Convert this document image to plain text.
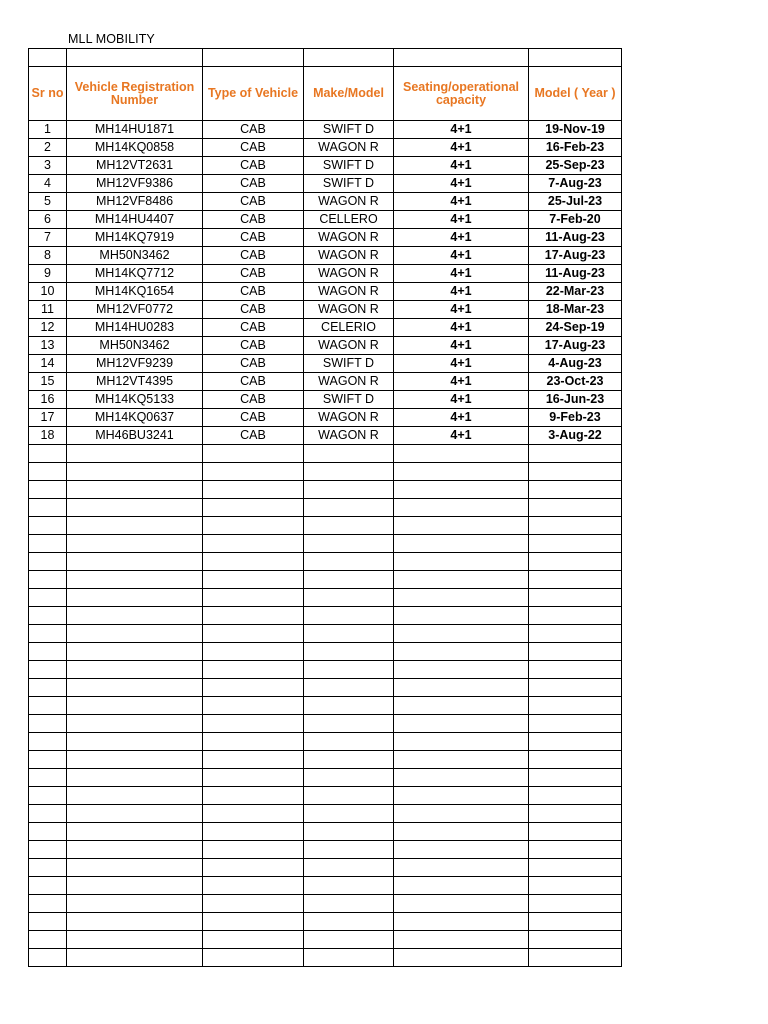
MLL MOBILITY

Sr no	Vehicle Registration Number	Type of Vehicle	Make/Model	Seating/operational capacity	Model ( Year )
1	MH14HU1871	CAB	SWIFT D	4+1	19-Nov-19
2	MH14KQ0858	CAB	WAGON R	4+1	16-Feb-23
3	MH12VT2631	CAB	SWIFT D	4+1	25-Sep-23
4	MH12VF9386	CAB	SWIFT D	4+1	7-Aug-23
5	MH12VF8486	CAB	WAGON R	4+1	25-Jul-23
6	MH14HU4407	CAB	CELLERO	4+1	7-Feb-20
7	MH14KQ7919	CAB	WAGON R	4+1	11-Aug-23
8	MH50N3462	CAB	WAGON R	4+1	17-Aug-23
9	MH14KQ7712	CAB	WAGON R	4+1	11-Aug-23
10	MH14KQ1654	CAB	WAGON R	4+1	22-Mar-23
11	MH12VF0772	CAB	WAGON R	4+1	18-Mar-23
12	MH14HU0283	CAB	CELERIO	4+1	24-Sep-19
13	MH50N3462	CAB	WAGON R	4+1	17-Aug-23
14	MH12VF9239	CAB	SWIFT D	4+1	4-Aug-23
15	MH12VT4395	CAB	WAGON R	4+1	23-Oct-23
16	MH14KQ5133	CAB	SWIFT D	4+1	16-Jun-23
17	MH14KQ0637	CAB	WAGON R	4+1	9-Feb-23
18	MH46BU3241	CAB	WAGON R	4+1	3-Aug-22
